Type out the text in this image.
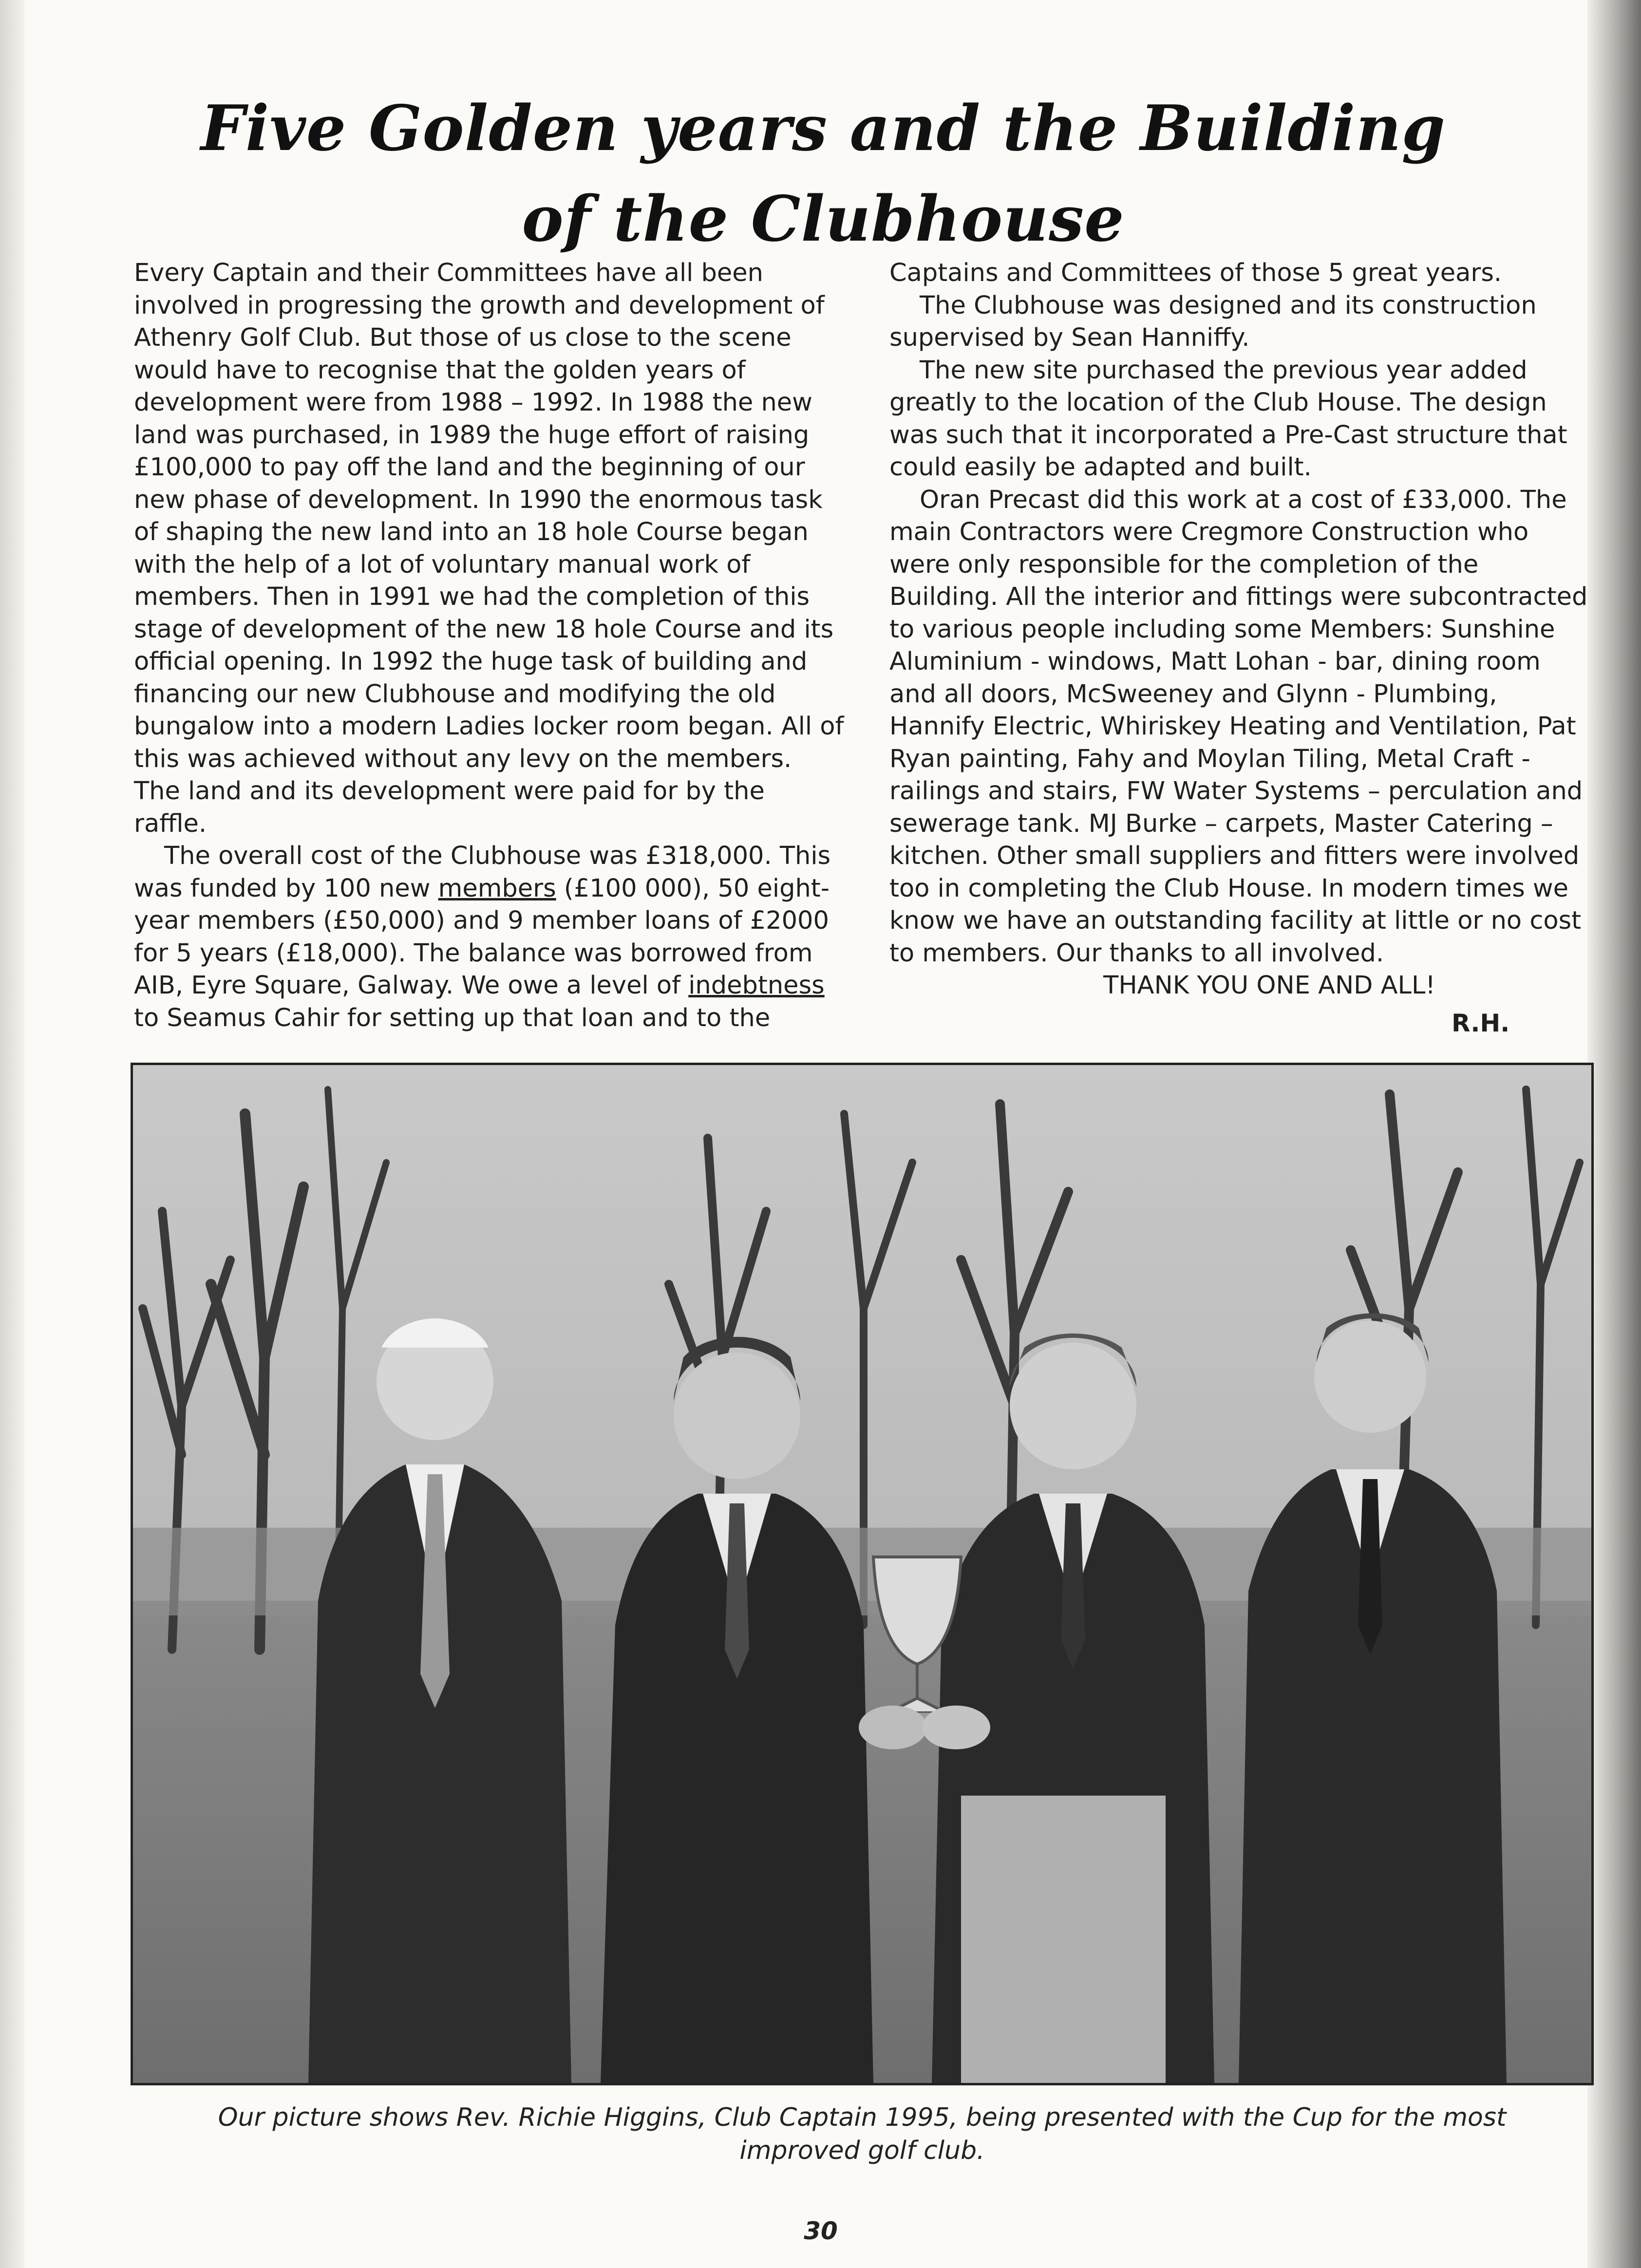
Five Golden years and the Building
of the Clubhouse

Every Captain and their Committees have all been involved in progressing the growth and development of Athenry Golf Club. But those of us close to the scene would have to recognise that the golden years of development were from 1988 – 1992. In 1988 the new land was purchased, in 1989 the huge effort of raising £100,000 to pay off the land and the beginning of our new phase of development. In 1990 the enormous task of shaping the new land into an 18 hole Course began with the help of a lot of voluntary manual work of members. Then in 1991 we had the completion of this stage of development of the new 18 hole Course and its official opening. In 1992 the huge task of building and financing our new Clubhouse and modifying the old bungalow into a modern Ladies locker room began. All of this was achieved without any levy on the members. The land and its development were paid for by the raffle.

The overall cost of the Clubhouse was £318,000. This was funded by 100 new members (£100 000), 50 eight-year members (£50,000) and 9 member loans of £2000 for 5 years (£18,000). The balance was borrowed from AIB, Eyre Square, Galway. We owe a level of indebtness to Seamus Cahir for setting up that loan and to the

Captains and Committees of those 5 great years.

The Clubhouse was designed and its construction supervised by Sean Hanniffy.

The new site purchased the previous year added greatly to the location of the Club House. The design was such that it incorporated a Pre-Cast structure that could easily be adapted and built.

Oran Precast did this work at a cost of £33,000. The main Contractors were Cregmore Construction who were only responsible for the completion of the Building. All the interior and fittings were subcontracted to various people including some Members: Sunshine Aluminium - windows, Matt Lohan - bar, dining room and all doors, McSweeney and Glynn - Plumbing, Hannify Electric, Whiriskey Heating and Ventilation, Pat Ryan painting, Fahy and Moylan Tiling, Metal Craft - railings and stairs, FW Water Systems – perculation and sewerage tank. MJ Burke – carpets, Master Catering – kitchen. Other small suppliers and fitters were involved too in completing the Club House. In modern times we know we have an outstanding facility at little or no cost to members. Our thanks to all involved.

THANK YOU ONE AND ALL!

R.H.
Our picture shows Rev. Richie Higgins, Club Captain 1995, being presented with the Cup for the most improved golf club.
30
